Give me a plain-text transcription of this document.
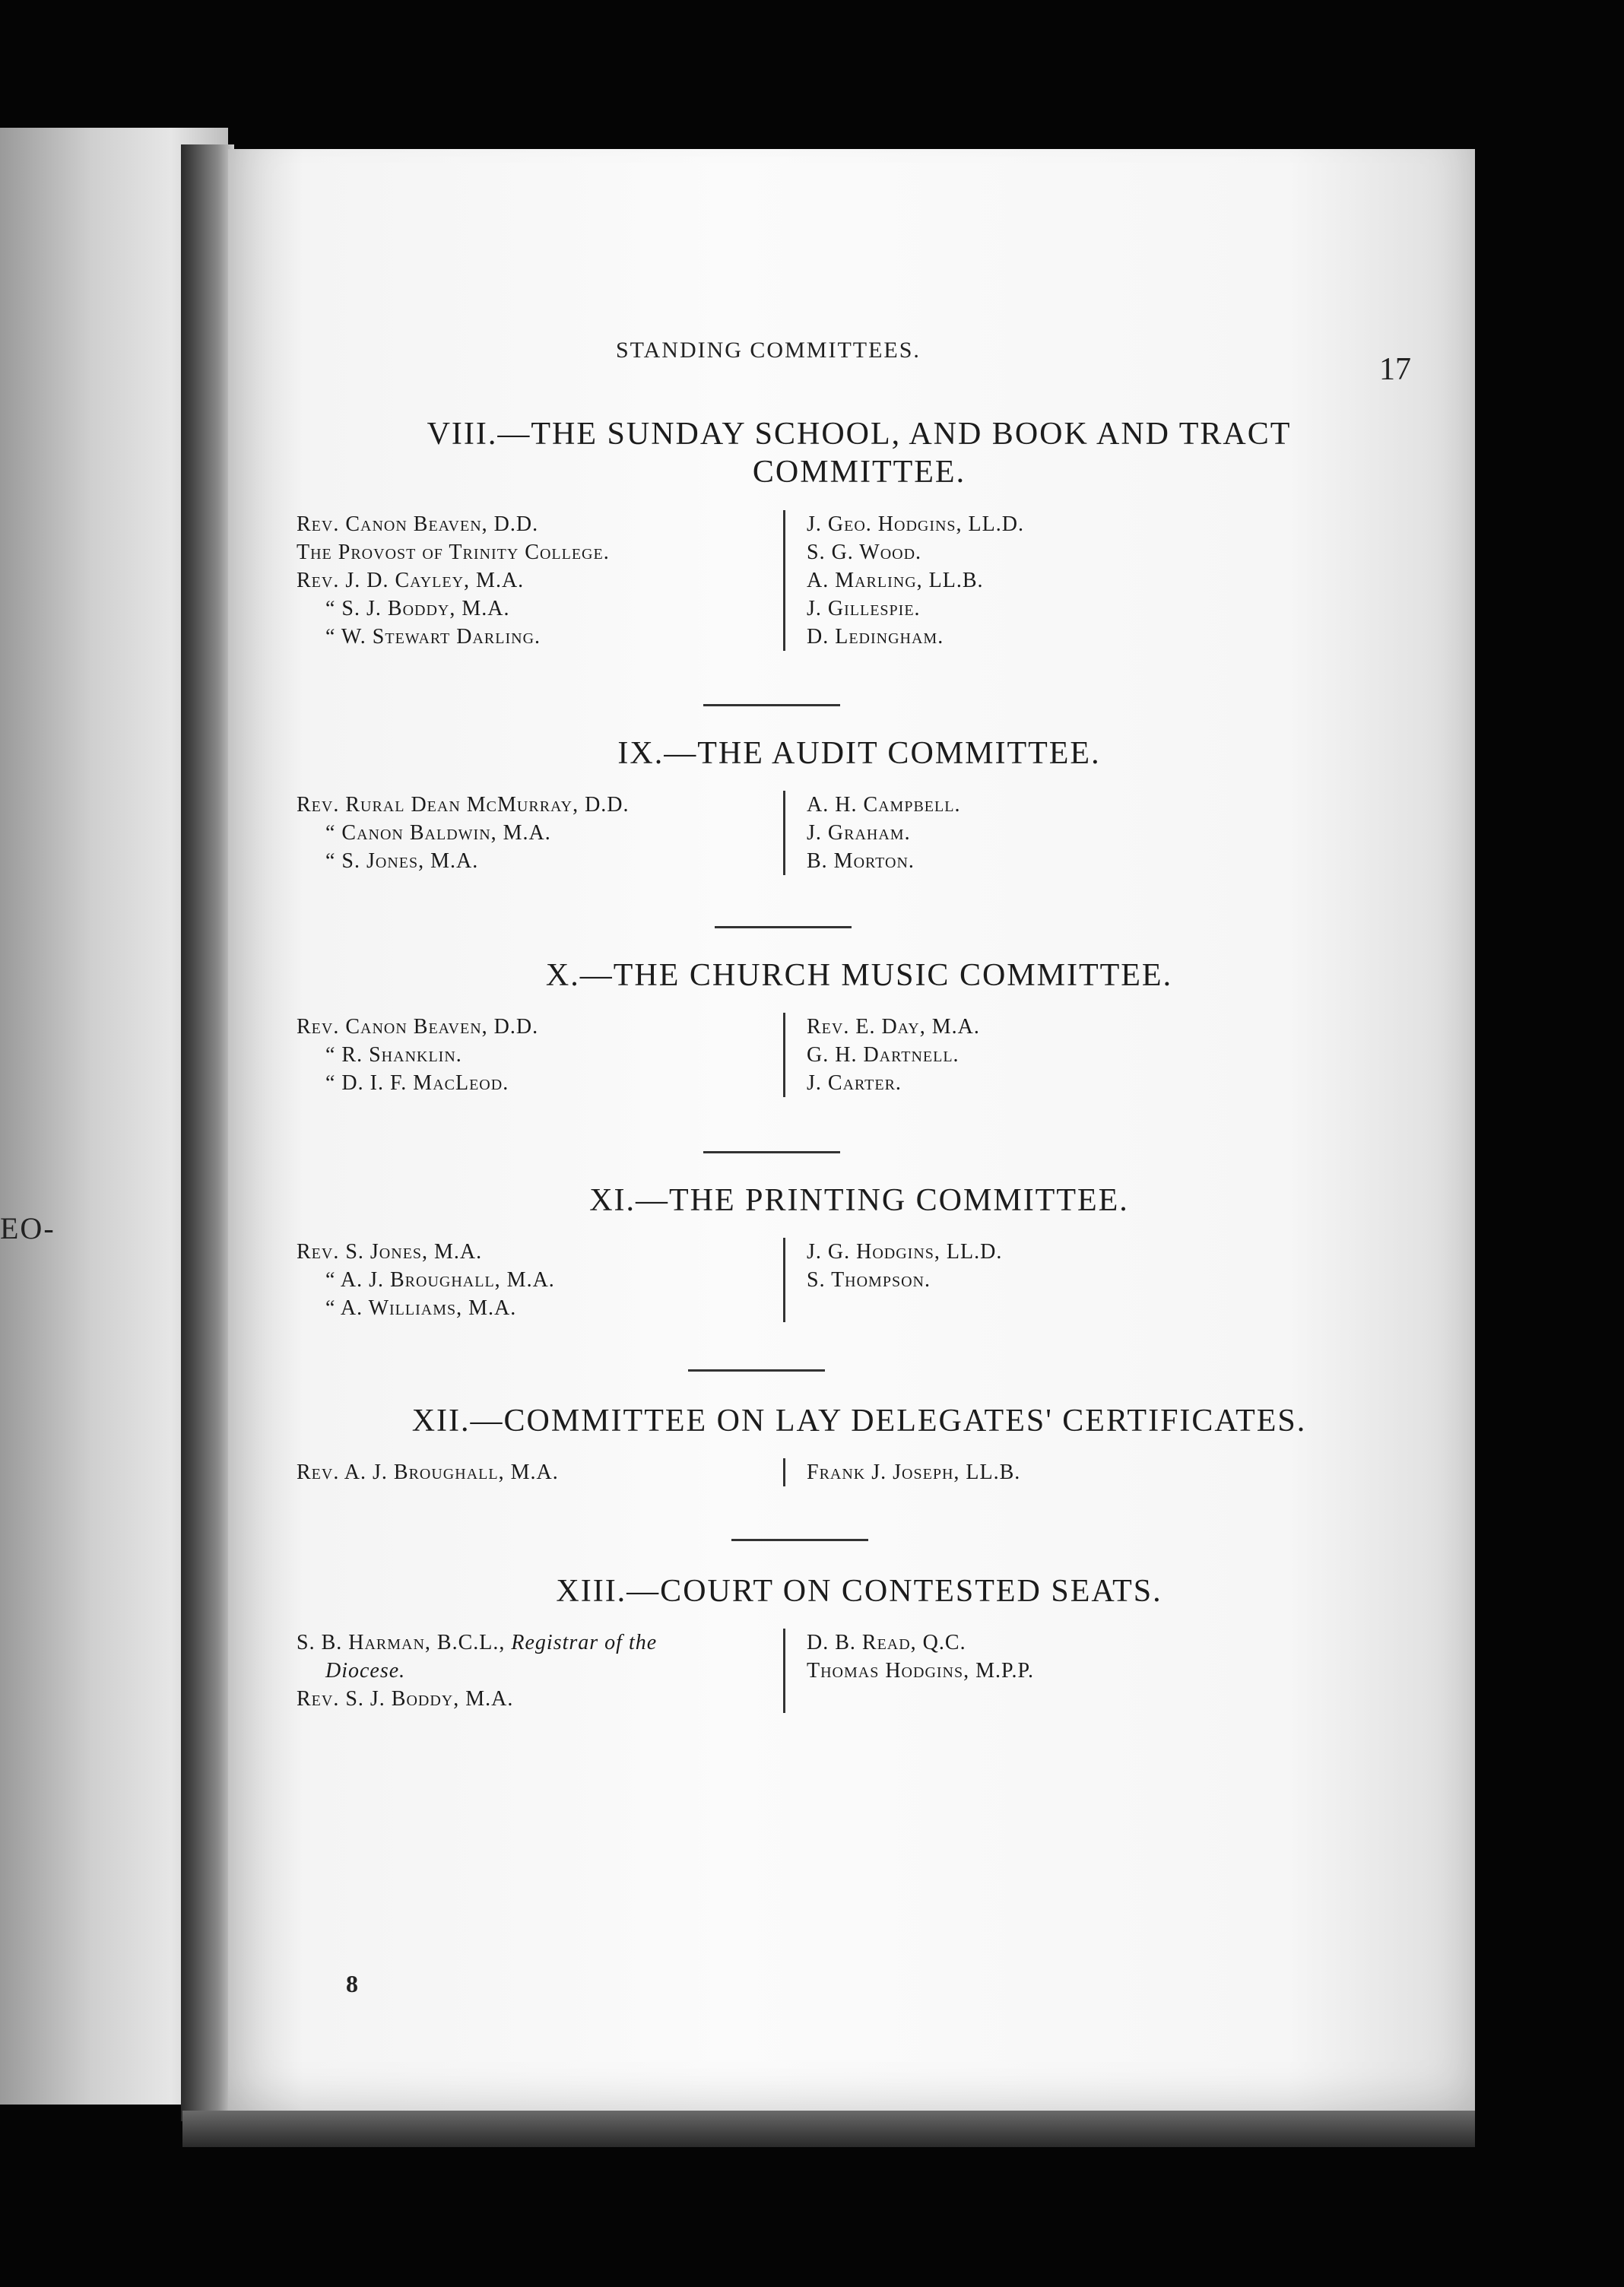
EO-
STANDING COMMITTEES.
17
VIII.—THE SUNDAY SCHOOL, AND BOOK AND TRACT COMMITTEE.
Rev. Canon Beaven, D.D.
The Provost of Trinity College.
Rev. J. D. Cayley, M.A.
“ S. J. Boddy, M.A.
“ W. Stewart Darling.
J. Geo. Hodgins, LL.D.
S. G. Wood.
A. Marling, LL.B.
J. Gillespie.
D. Ledingham.
IX.—THE AUDIT COMMITTEE.
Rev. Rural Dean McMurray, D.D.
“ Canon Baldwin, M.A.
“ S. Jones, M.A.
A. H. Campbell.
J. Graham.
B. Morton.
X.—THE CHURCH MUSIC COMMITTEE.
Rev. Canon Beaven, D.D.
“ R. Shanklin.
“ D. I. F. MacLeod.
Rev. E. Day, M.A.
G. H. Dartnell.
J. Carter.
XI.—THE PRINTING COMMITTEE.
Rev. S. Jones, M.A.
“ A. J. Broughall, M.A.
“ A. Williams, M.A.
J. G. Hodgins, LL.D.
S. Thompson.
XII.—COMMITTEE ON LAY DELEGATES' CERTIFICATES.
Rev. A. J. Broughall, M.A.	Frank J. Joseph, LL.B.
XIII.—COURT ON CONTESTED SEATS.
S. B. Harman, B.C.L., Registrar of the
Diocese.
Rev. S. J. Boddy, M.A.
D. B. Read, Q.C.
Thomas Hodgins, M.P.P.
8
